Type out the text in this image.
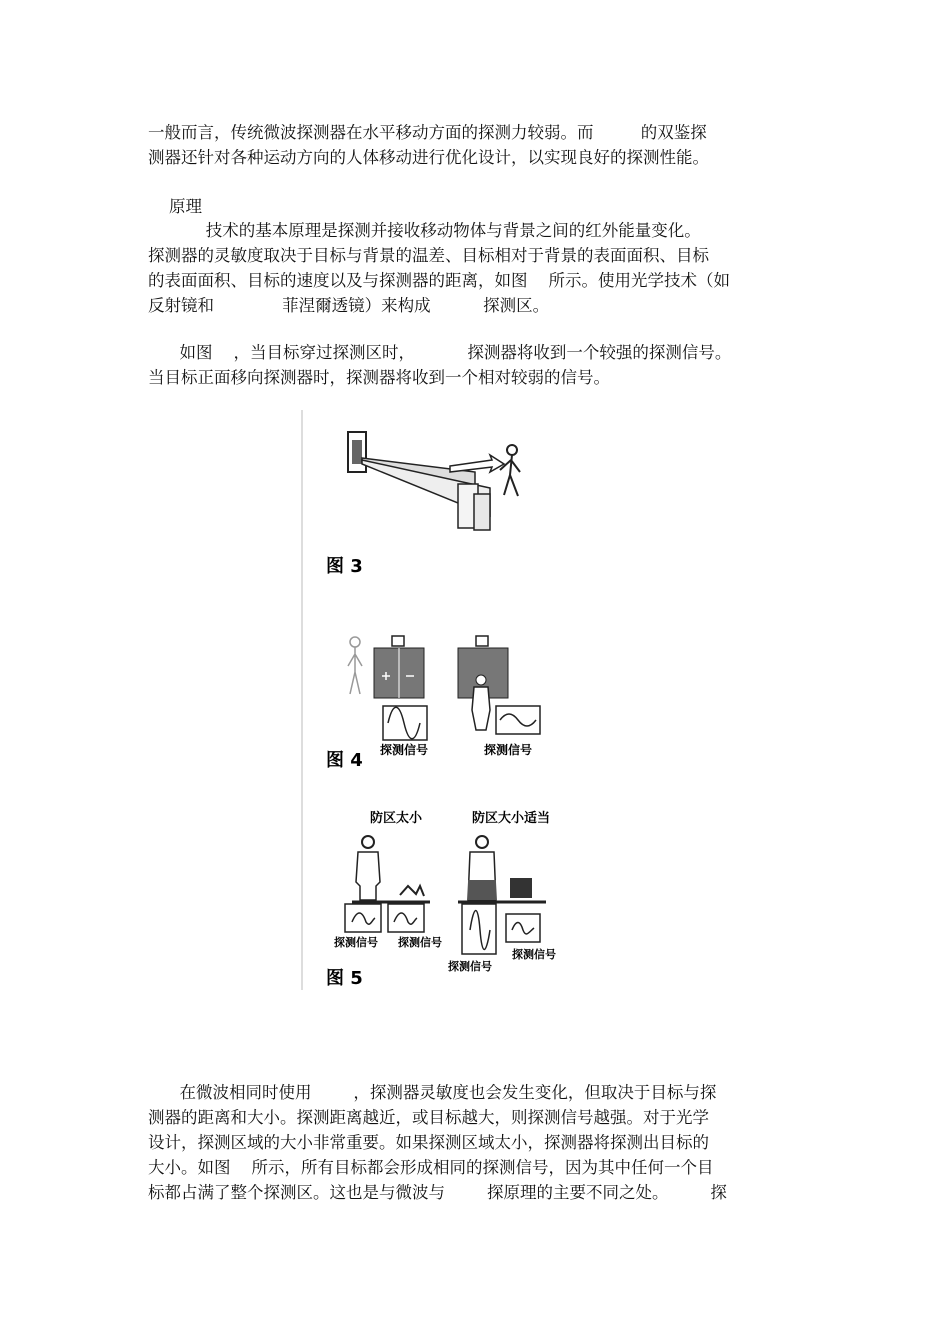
一般而言，传统微波探测器在水平移动方面的探测力较弱。而         的双鉴探
测器还针对各种运动方向的人体移动进行优化设计，以实现良好的探测性能。
原理
技术的基本原理是探测并接收移动物体与背景之间的红外能量变化。
探测器的灵敏度取决于目标与背景的温差、目标相对于背景的表面面积、目标
的表面面积、目标的速度以及与探测器的距离，如图    所示。使用光学技术（如
反射镜和             菲涅爾透镜）来构成          探测区。
如图    ，当目标穿过探测区时，          探测器将收到一个较强的探测信号。
当目标正面移向探测器时，探测器将收到一个相对较弱的信号。
图 3
探测信号	探测信号
图 4
防区太小	防区大小适当
探测信号 探测信号
探测信号
探测信号
图 5
在微波相同时使用        ，探测器灵敏度也会发生变化，但取决于目标与探
测器的距离和大小。探测距离越近，或目标越大，则探测信号越强。对于光学
设计，探测区域的大小非常重要。如果探测区域太小，探测器将探测出目标的
大小。如图    所示，所有目标都会形成相同的探测信号，因为其中任何一个目
标都占满了整个探测区。这也是与微波与        探原理的主要不同之处。        探
